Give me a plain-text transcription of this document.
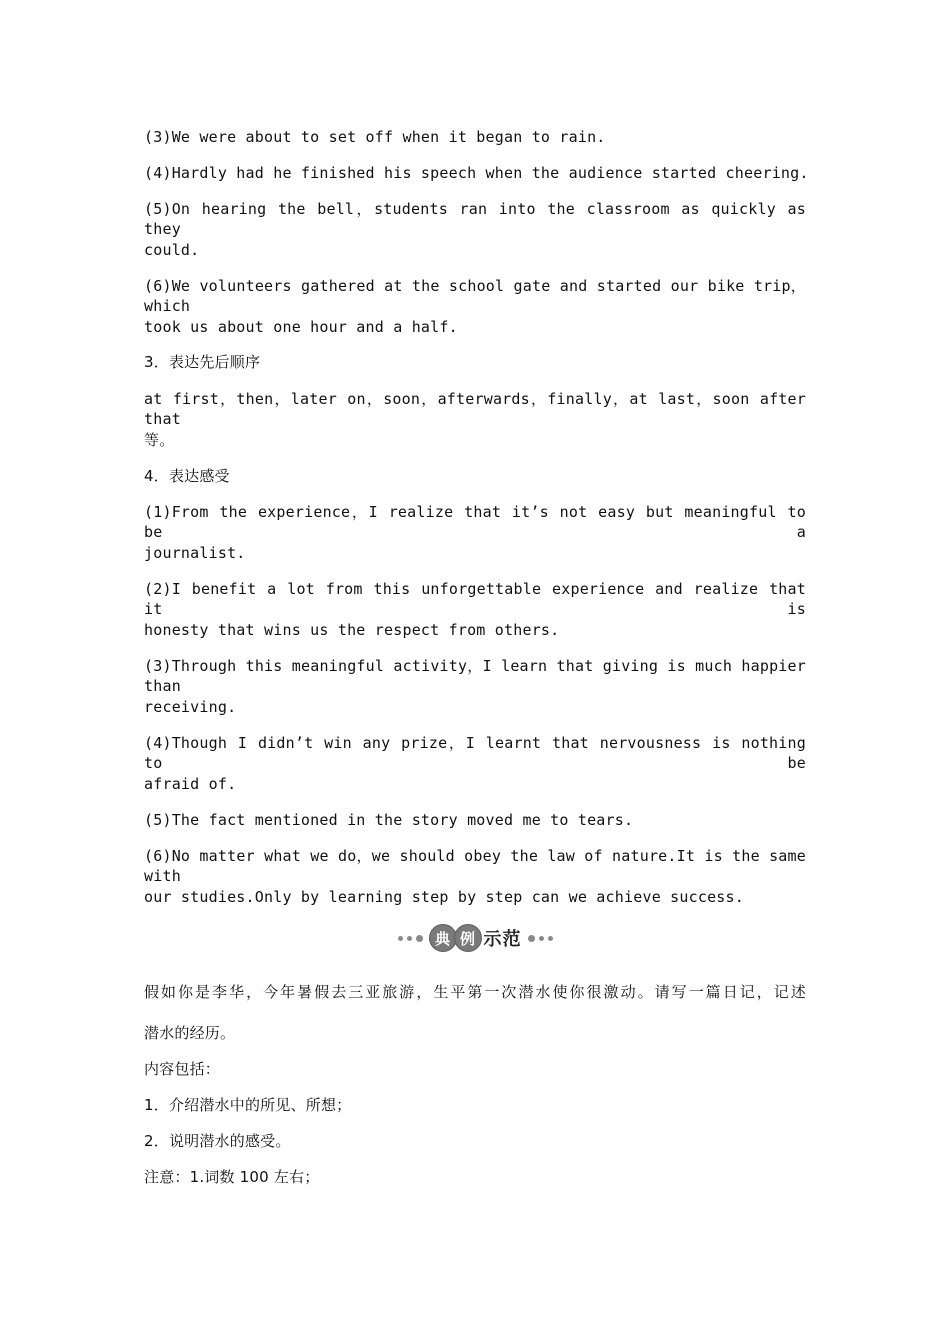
(3)We were about to set off when it began to rain.
(4)Hardly had he finished his speech when the audience started cheering.
(5)On hearing the bell，students ran into the classroom as quickly as they
could.
(6)We volunteers gathered at the school gate and started our bike trip，which
took us about one hour and a half.
3．表达先后顺序
at first，then，later on，soon，afterwards，finally，at last，soon after that
等。
4．表达感受
(1)From the experience，I realize that it’s not easy but meaningful to be a
journalist.
(2)I benefit a lot from this unforgettable experience and realize that it is
honesty that wins us the respect from others.
(3)Through this meaningful activity，I learn that giving is much happier than
receiving.
(4)Though I didn’t win any prize，I learnt that nervousness is nothing to be
afraid of.
(5)The fact mentioned in the story moved me to tears.
(6)No matter what we do，we should obey the law of nature.It is the same with
our studies.Only by learning step by step can we achieve success.
典 例 示范
假如你是李华，今年暑假去三亚旅游，生平第一次潜水使你很激动。请写一篇日记，记述
潜水的经历。
内容包括：
1．介绍潜水中的所见、所想；
2．说明潜水的感受。
注意：1.词数 100 左右；
